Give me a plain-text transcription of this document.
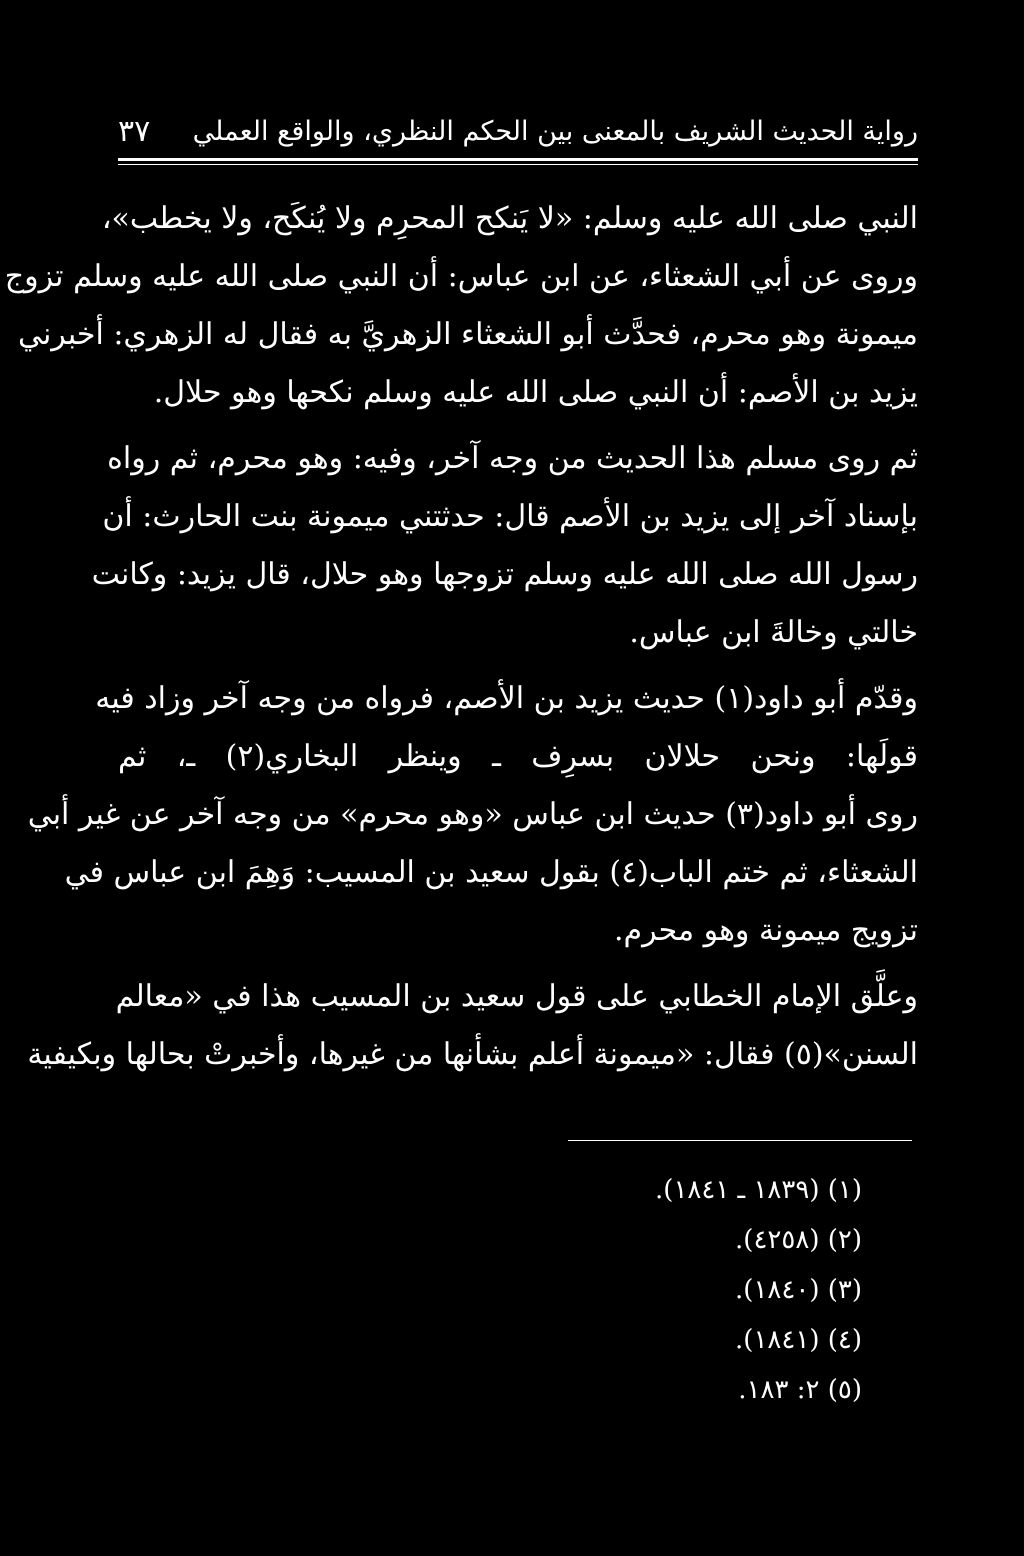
رواية الحديث الشريف بالمعنى بين الحكم النظري، والواقع العملي
٣٧
النبي صلى الله عليه وسلم: «لا يَنكح المحرِم ولا يُنكَح، ولا يخطب»،
وروى عن أبي الشعثاء، عن ابن عباس: أن النبي صلى الله عليه وسلم تزوج
ميمونة وهو محرم، فحدَّث أبو الشعثاء الزهريَّ به فقال له الزهري: أخبرني
يزيد بن الأصم: أن النبي صلى الله عليه وسلم نكحها وهو حلال.
ثم روى مسلم هذا الحديث من وجه آخر، وفيه: وهو محرم، ثم رواه
بإسناد آخر إلى يزيد بن الأصم قال: حدثتني ميمونة بنت الحارث: أن
رسول الله صلى الله عليه وسلم تزوجها وهو حلال، قال يزيد: وكانت
خالتي وخالةَ ابن عباس.
وقدّم أبو داود(١) حديث يزيد بن الأصم، فرواه من وجه آخر وزاد فيه
قولَها: ونحن حلالان بسرِف ـ وينظر البخاري(٢) ـ، ثم
روى أبو داود(٣) حديث ابن عباس «وهو محرم» من وجه آخر عن غير أبي
الشعثاء، ثم ختم الباب(٤) بقول سعيد بن المسيب: وَهِمَ ابن عباس في
تزويج ميمونة وهو محرم.
وعلَّق الإمام الخطابي على قول سعيد بن المسيب هذا في «معالم
السنن»(٥) فقال: «ميمونة أعلم بشأنها من غيرها، وأخبرتْ بحالها وبكيفية
(١) (١٨٣٩ ـ ١٨٤١).
(٢) (٤٢٥٨).
(٣) (١٨٤٠).
(٤) (١٨٤١).
(٥) ٢: ١٨٣.
